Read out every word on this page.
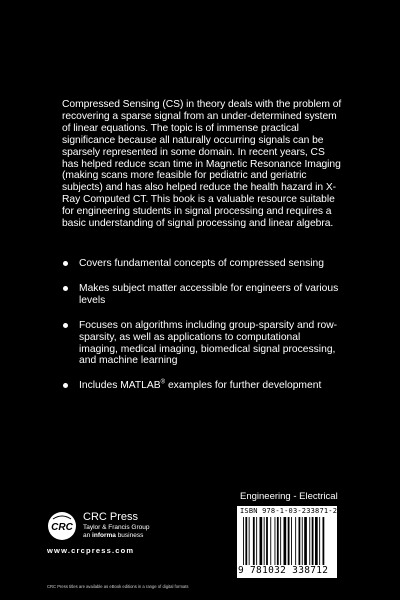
Compressed Sensing (CS) in theory deals with the problem of recovering a sparse signal from an under-determined system of linear equations. The topic is of immense practical significance because all naturally occurring signals can be sparsely represented in some domain. In recent years, CS has helped reduce scan time in Magnetic Resonance Imaging (making scans more feasible for pediatric and geriatric subjects) and has also helped reduce the health hazard in X-Ray Computed CT. This book is a valuable resource suitable for engineering students in signal processing and requires a basic understanding of signal processing and linear algebra.

Covers fundamental concepts of compressed sensing
Makes subject matter accessible for engineers of various levels
Focuses on algorithms including group-sparsity and row-sparsity, as well as applications to computational imaging, medical imaging, biomedical signal processing, and machine learning
Includes MATLAB® examples for further development
Engineering - Electrical
ISBN 978-1-03-233871-2
9 781032 338712
CRC
CRC Press
Taylor & Francis Group
an informa business
www.crcpress.com
CRC Press titles are available as eBook editions in a range of digital formats
